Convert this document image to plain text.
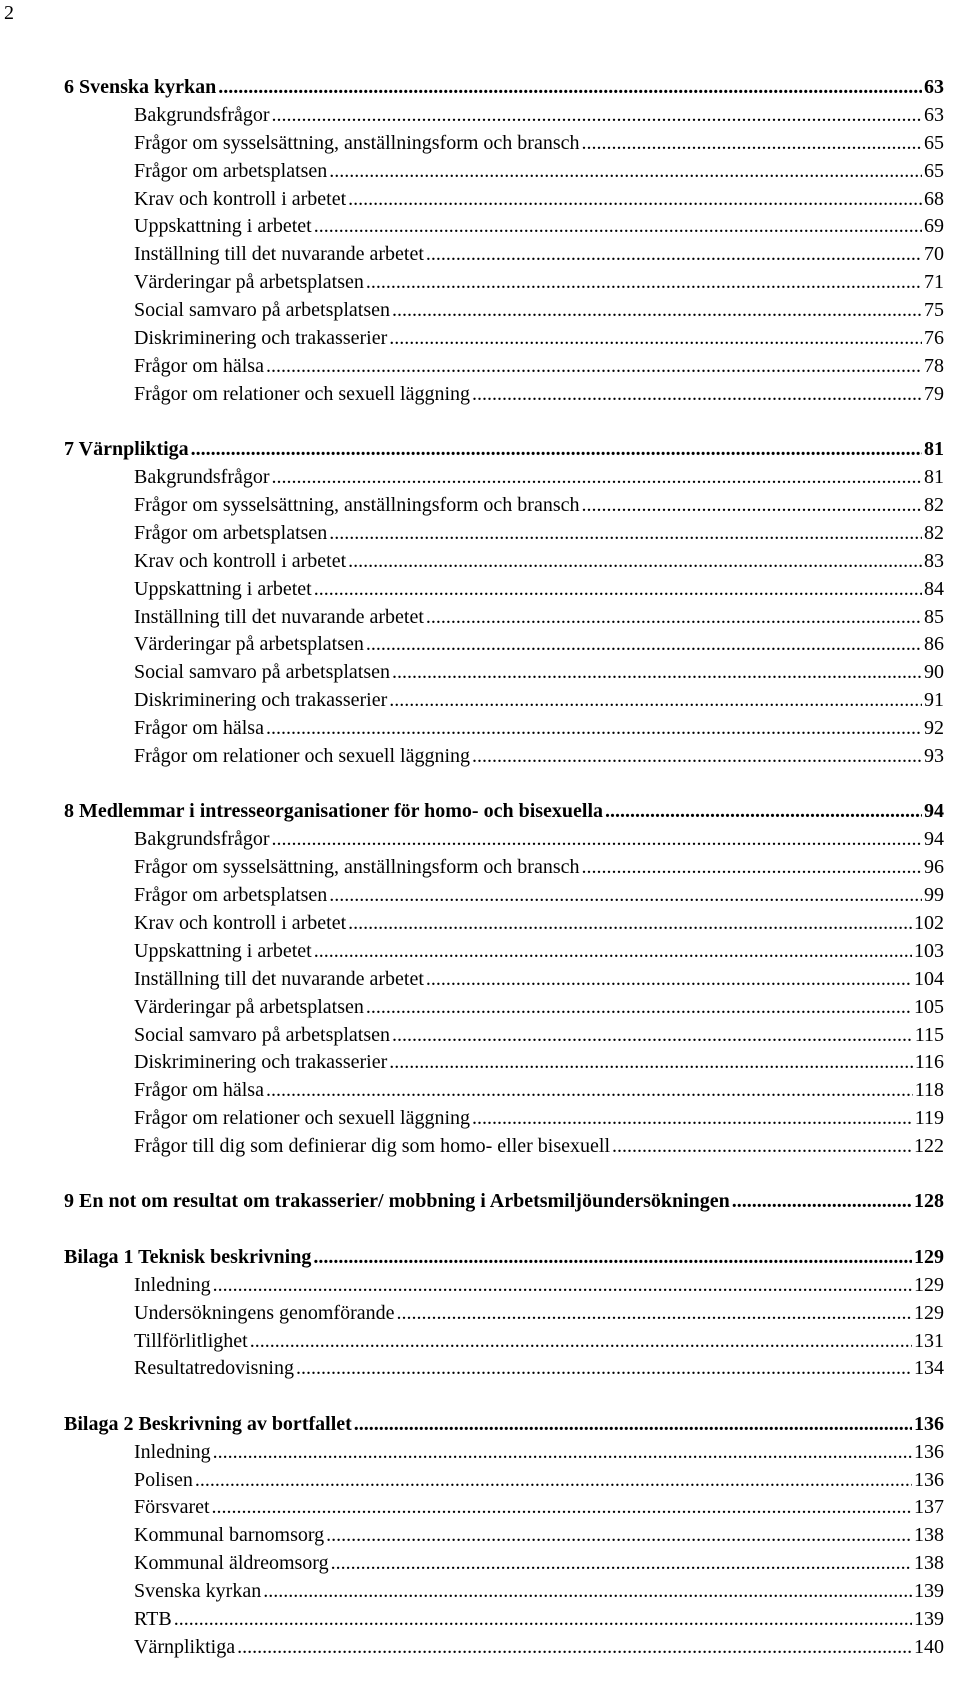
2
6 Svenska kyrkan .....	63
Bakgrundsfrågor .....	63
Frågor om sysselsättning, anställningsform och bransch .....	65
Frågor om arbetsplatsen .....	65
Krav och kontroll i arbetet .....	68
Uppskattning i arbetet .....	69
Inställning till det nuvarande arbetet .....	70
Värderingar på arbetsplatsen .....	71
Social samvaro på arbetsplatsen .....	75
Diskriminering och trakasserier .....	76
Frågor om hälsa .....	78
Frågor om relationer och sexuell läggning .....	79
7 Värnpliktiga .....	81
Bakgrundsfrågor .....	81
Frågor om sysselsättning, anställningsform och bransch .....	82
Frågor om arbetsplatsen .....	82
Krav och kontroll i arbetet .....	83
Uppskattning i arbetet .....	84
Inställning till det nuvarande arbetet .....	85
Värderingar på arbetsplatsen .....	86
Social samvaro på arbetsplatsen .....	90
Diskriminering och trakasserier .....	91
Frågor om hälsa .....	92
Frågor om relationer och sexuell läggning .....	93
8 Medlemmar i intresseorganisationer för homo- och bisexuella .....	94
Bakgrundsfrågor .....	94
Frågor om sysselsättning, anställningsform och bransch .....	96
Frågor om arbetsplatsen .....	99
Krav och kontroll i arbetet .....	102
Uppskattning i arbetet .....	103
Inställning till det nuvarande arbetet .....	104
Värderingar på arbetsplatsen .....	105
Social samvaro på arbetsplatsen .....	115
Diskriminering och trakasserier .....	116
Frågor om hälsa .....	118
Frågor om relationer och sexuell läggning .....	119
Frågor till dig som definierar dig som homo- eller bisexuell .....	122
9 En not om resultat om trakasserier/ mobbning i Arbetsmiljöundersökningen .....	128
Bilaga 1 Teknisk beskrivning .....	129
Inledning .....	129
Undersökningens genomförande .....	129
Tillförlitlighet .....	131
Resultatredovisning .....	134
Bilaga 2 Beskrivning av bortfallet .....	136
Inledning .....	136
Polisen .....	136
Försvaret .....	137
Kommunal barnomsorg .....	138
Kommunal äldreomsorg .....	138
Svenska kyrkan .....	139
RTB .....	139
Värnpliktiga .....	140
